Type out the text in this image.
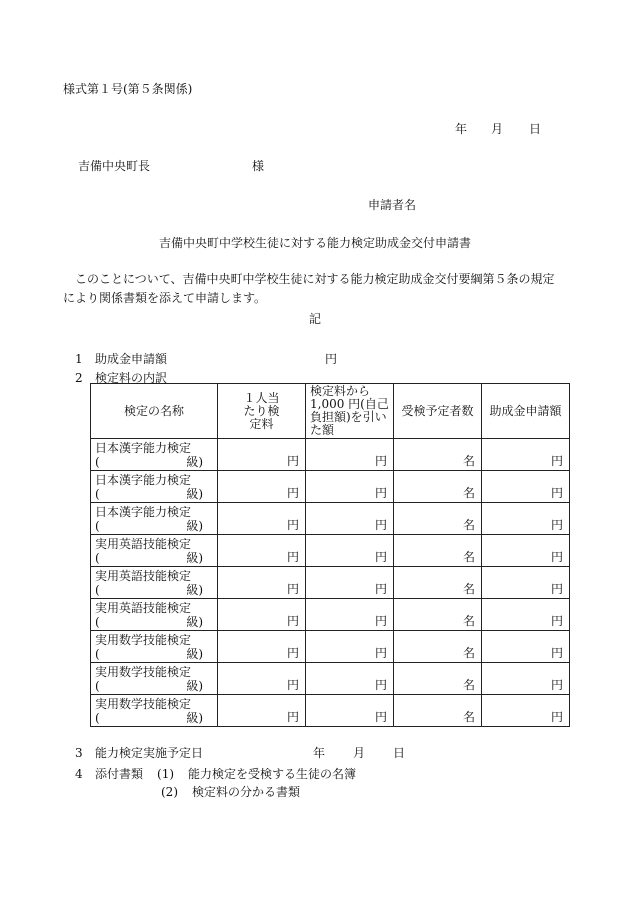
様式第１号(第５条関係)
年 月 日
吉備中央町長	様
申請者名
吉備中央町中学校生徒に対する能力検定助成金交付申請書
　このことについて、吉備中央町中学校生徒に対する能力検定助成金交付要綱第５条の規定により関係書類を添えて申請します。
記
1 助成金申請額	円
2 検定料の内訳
検定の名称	１人当たり検定料	検定料から1,000 円(自己負担額)を引いた額	受検予定者数	助成金申請額

日本漢字能力検定
( 級)	円	円	名	円

日本漢字能力検定
( 級)	円	円	名	円

日本漢字能力検定
( 級)	円	円	名	円

実用英語技能検定
( 級)	円	円	名	円

実用英語技能検定
( 級)	円	円	名	円

実用英語技能検定
( 級)	円	円	名	円

実用数学技能検定
( 級)	円	円	名	円

実用数学技能検定
( 級)	円	円	名	円

実用数学技能検定
( 級)	円	円	名	円
3 能力検定実施予定日	年 月 日
4 添付書類 (1) 能力検定を受検する生徒の名簿
(2) 検定料の分かる書類
